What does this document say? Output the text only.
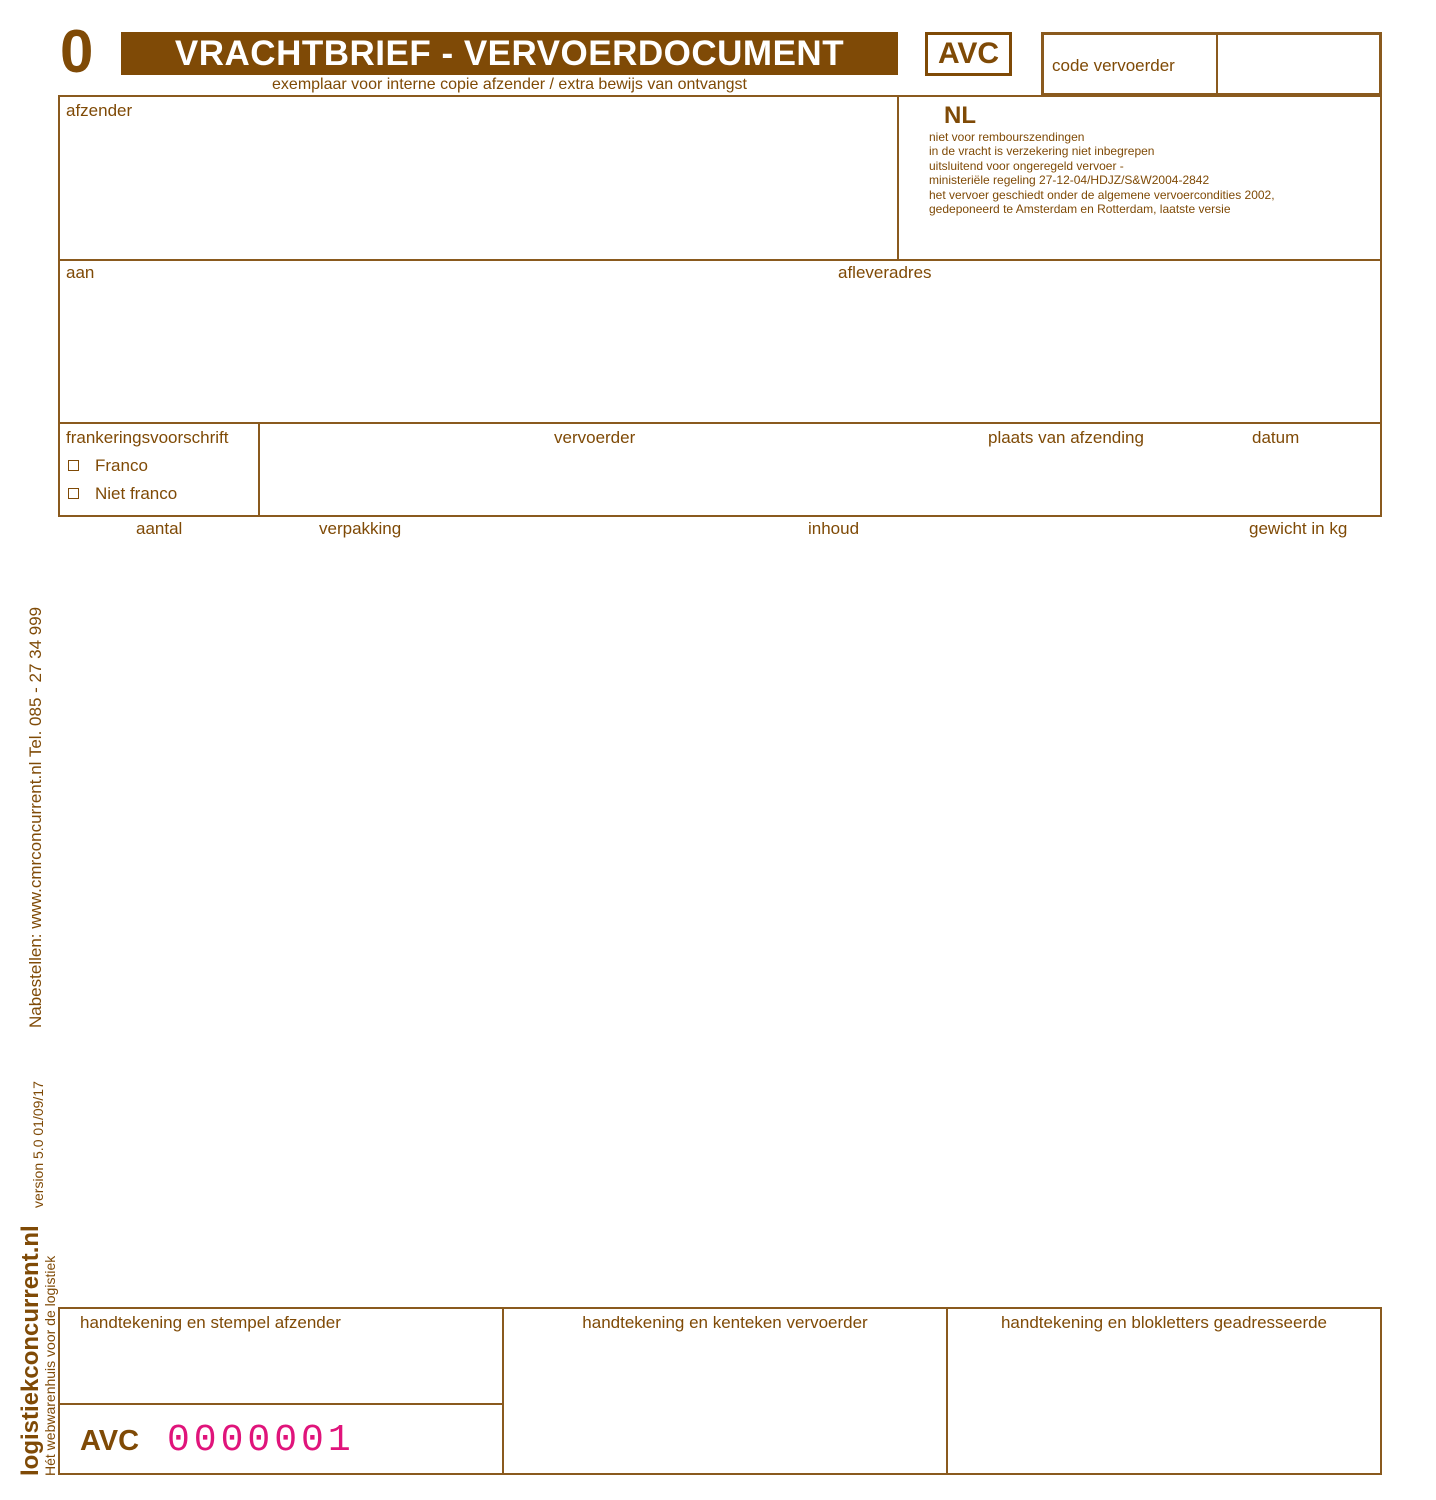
0	VRACHTBRIEF - VERVOERDOCUMENT
exemplaar voor interne copie afzender / extra bewijs van ontvangst
AVC	code vervoerder
afzender	NL
niet voor rembourszendingen
in de vracht is verzekering niet inbegrepen
uitsluitend voor ongeregeld vervoer -
ministeriële regeling 27-12-04/HDJZ/S&W2004-2842
het vervoer geschiedt onder de algemene vervoercondities 2002,
gedeponeerd te Amsterdam en Rotterdam, laatste versie
aan	afleveradres
frankeringsvoorschrift
Franco
Niet franco
vervoerder	plaats van afzending	datum
aantal	verpakking	inhoud	gewicht in kg
Nabestellen: www.cmrconcurrent.nl Tel. 085 - 27 34 999
version 5.0 01/09/17
logistiekconcurrent.nl
Hét webwarenhuis voor de logistiek handtekening en stempel afzender	handtekening en kenteken vervoerder	handtekening en blokletters geadresseerde
AVC 0000001
